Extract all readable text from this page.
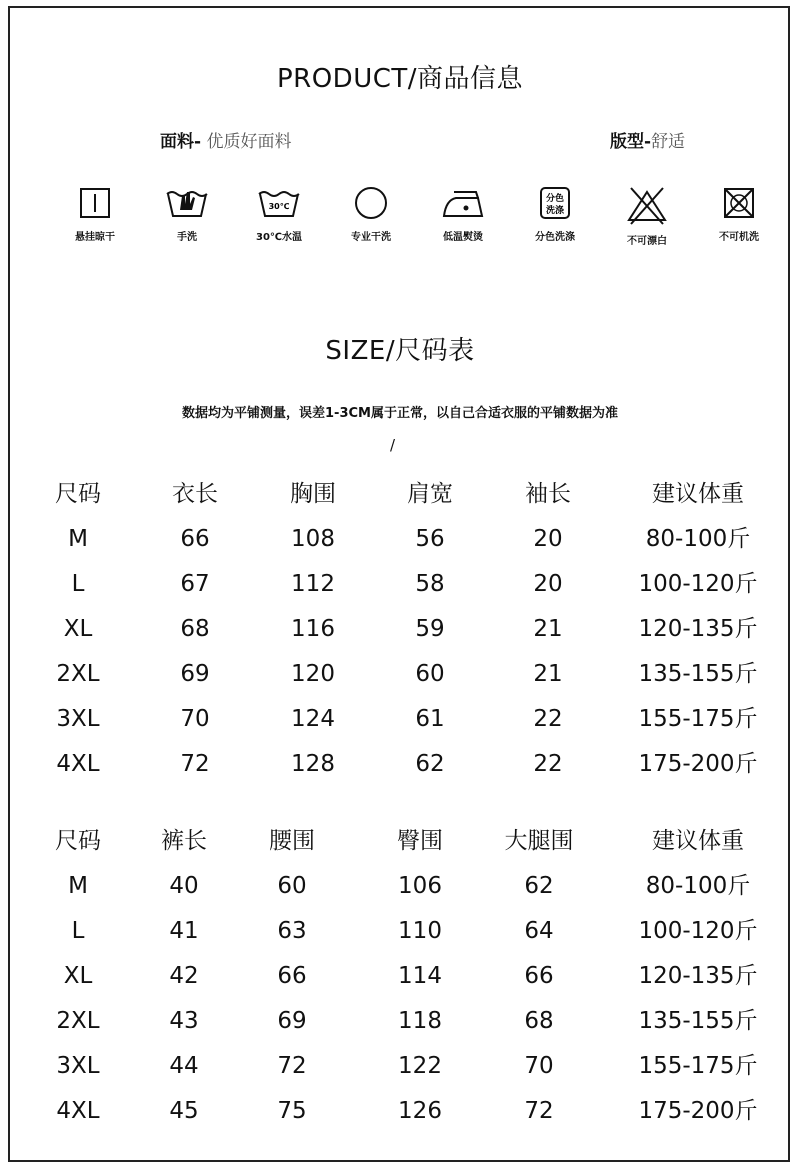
PRODUCT/商品信息
面料- 优质好面料	版型-舒适
悬挂晾干	手洗
30℃
30℃水温	专业干洗	低温熨烫
分色
洗涤
分色洗涤	不可漂白	不可机洗
SIZE/尺码表
数据均为平铺测量，误差1-3CM属于正常，以自己合适衣服的平铺数据为准
/
尺码	衣长	胸围	肩宽	袖长	建议体重
M	66	108	56	20	80-100斤
L	67	112	58	20	100-120斤
XL	68	116	59	21	120-135斤
2XL	69	120	60	21	135-155斤
3XL	70	124	61	22	155-175斤
4XL	72	128	62	22	175-200斤
尺码	裤长	腰围	臀围	大腿围	建议体重
M	40	60	106	62	80-100斤
L	41	63	110	64	100-120斤
XL	42	66	114	66	120-135斤
2XL	43	69	118	68	135-155斤
3XL	44	72	122	70	155-175斤
4XL	45	75	126	72	175-200斤
